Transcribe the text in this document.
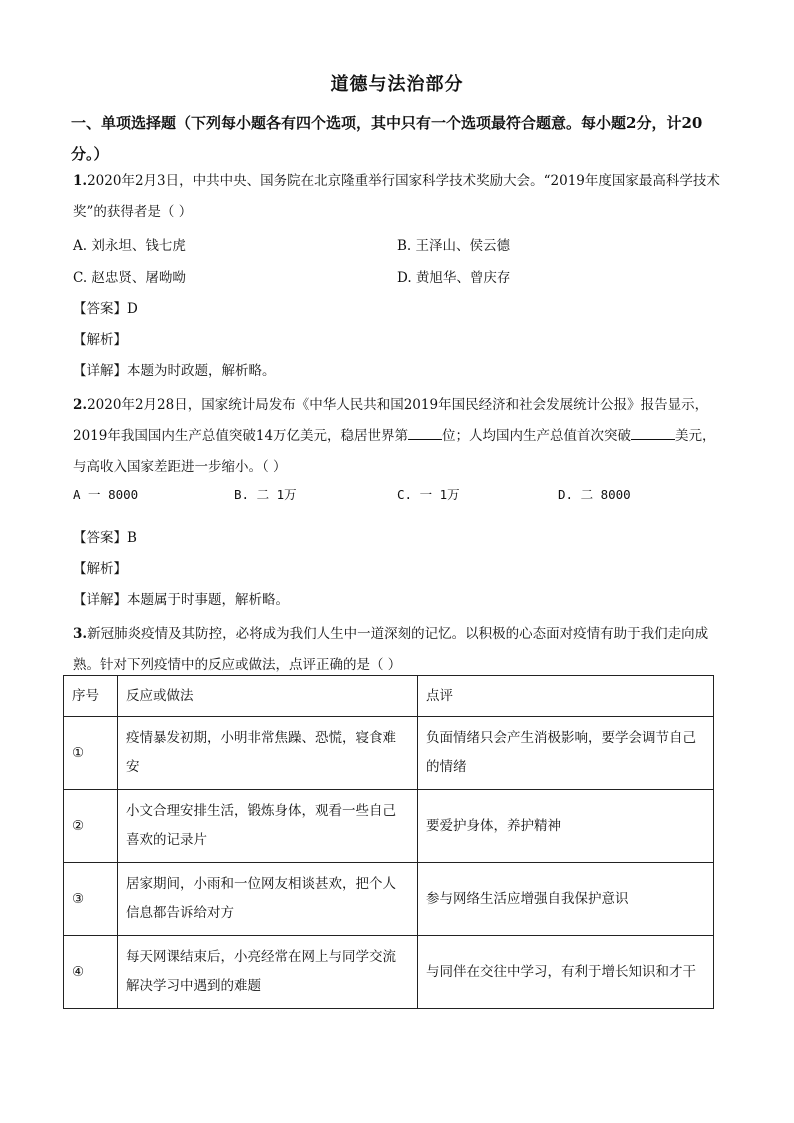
道德与法治部分
一、单项选择题（下列每小题各有四个选项，其中只有一个选项最符合题意。每小题2分，计20分。）
1.2020年2月3日，中共中央、国务院在北京隆重举行国家科学技术奖励大会。“2019年度国家最高科学技术奖”的获得者是（ ）
A. 刘永坦、钱七虎	B. 王泽山、侯云德
C. 赵忠贤、屠呦呦	D. 黄旭华、曾庆存
【答案】D
【解析】
【详解】本题为时政题，解析略。
2.2020年2月28日，国家统计局发布《中华人民共和国2019年国民经济和社会发展统计公报》报告显示，2019年我国国内生产总值突破14万亿美元，稳居世界第	位；人均国内生产总值首次突破	美元，与高收入国家差距进一步缩小。（ ）
A 一 8000	B. 二 1万	C. 一 1万	D. 二 8000
【答案】B
【解析】
【详解】本题属于时事题，解析略。
3.新冠肺炎疫情及其防控，必将成为我们人生中一道深刻的记忆。以积极的心态面对疫情有助于我们走向成熟。针对下列疫情中的反应或做法，点评正确的是（ ）
序号	反应或做法	点评
①	疫情暴发初期，小明非常焦躁、恐慌，寝食难安	负面情绪只会产生消极影响，要学会调节自己的情绪
②	小文合理安排生活，锻炼身体，观看一些自己喜欢的记录片	要爱护身体，养护精神
③	居家期间，小雨和一位网友相谈甚欢，把个人信息都告诉给对方	参与网络生活应增强自我保护意识
④	每天网课结束后，小亮经常在网上与同学交流解决学习中遇到的难题	与同伴在交往中学习，有利于增长知识和才干
